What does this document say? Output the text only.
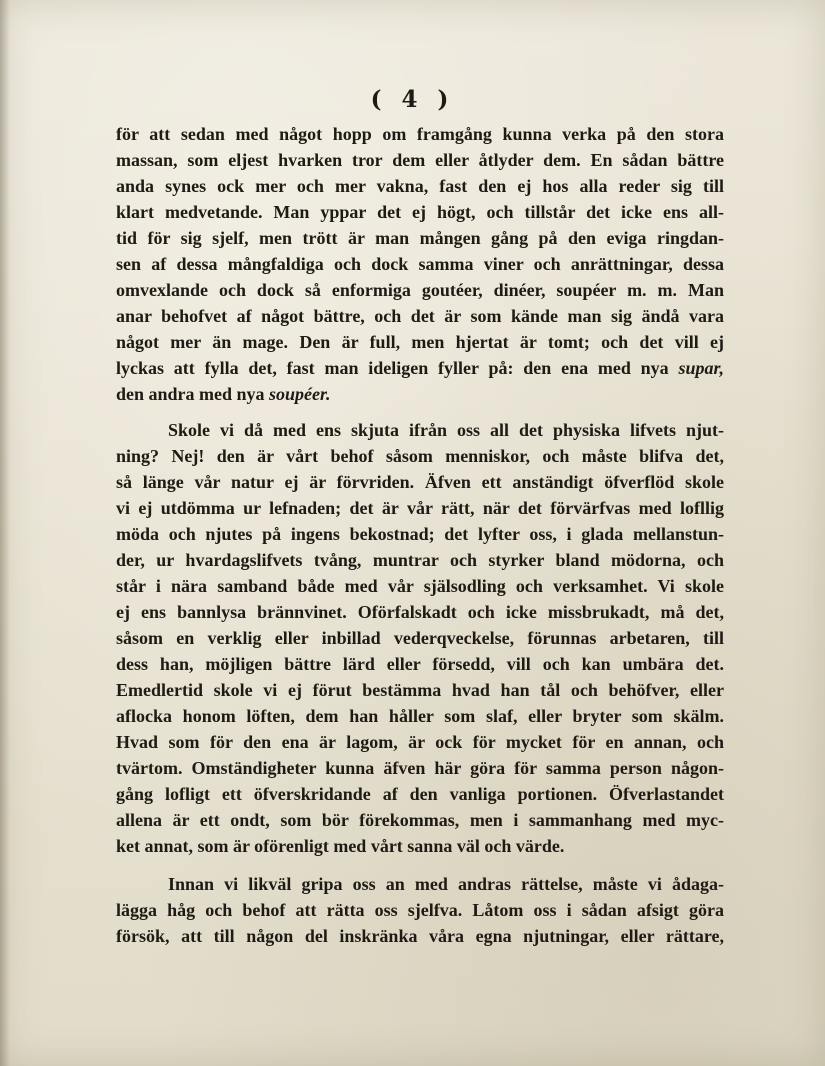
( 4 )
för att sedan med något hopp om framgång kunna verka på den stora
massan, som eljest hvarken tror dem eller åtlyder dem. En sådan bättre
anda synes ock mer och mer vakna, fast den ej hos alla reder sig till
klart medvetande. Man yppar det ej högt, och tillstår det icke ens all-
tid för sig sjelf, men trött är man mången gång på den eviga ringdan-
sen af dessa mångfaldiga och dock samma viner och anrättningar, dessa
omvexlande och dock så enformiga goutéer, dinéer, soupéer m. m. Man
anar behofvet af något bättre, och det är som kände man sig ändå vara
något mer än mage. Den är full, men hjertat är tomt; och det vill ej
lyckas att fylla det, fast man ideligen fyller på: den ena med nya supar,
den andra med nya soupéer.
Skole vi då med ens skjuta ifrån oss all det physiska lifvets njut-
ning? Nej! den är vårt behof såsom menniskor, och måste blifva det,
så länge vår natur ej är förvriden. Äfven ett anständigt öfverflöd skole
vi ej utdömma ur lefnaden; det är vår rätt, när det förvärfvas med lofllig
möda och njutes på ingens bekostnad; det lyfter oss, i glada mellanstun-
der, ur hvardagslifvets tvång, muntrar och styrker bland mödorna, och
står i nära samband både med vår själsodling och verksamhet. Vi skole
ej ens bannlysa brännvinet. Oförfalskadt och icke missbrukadt, må det,
såsom en verklig eller inbillad vederqveckelse, förunnas arbetaren, till
dess han, möjligen bättre lärd eller försedd, vill och kan umbära det.
Emedlertid skole vi ej förut bestämma hvad han tål och behöfver, eller
aflocka honom löften, dem han håller som slaf, eller bryter som skälm.
Hvad som för den ena är lagom, är ock för mycket för en annan, och
tvärtom. Omständigheter kunna äfven här göra för samma person någon-
gång lofligt ett öfverskridande af den vanliga portionen. Öfverlastandet
allena är ett ondt, som bör förekommas, men i sammanhang med myc-
ket annat, som är oförenligt med vårt sanna väl och värde.
Innan vi likväl gripa oss an med andras rättelse, måste vi ådaga-
lägga håg och behof att rätta oss sjelfva. Låtom oss i sådan afsigt göra
försök, att till någon del inskränka våra egna njutningar, eller rättare,
